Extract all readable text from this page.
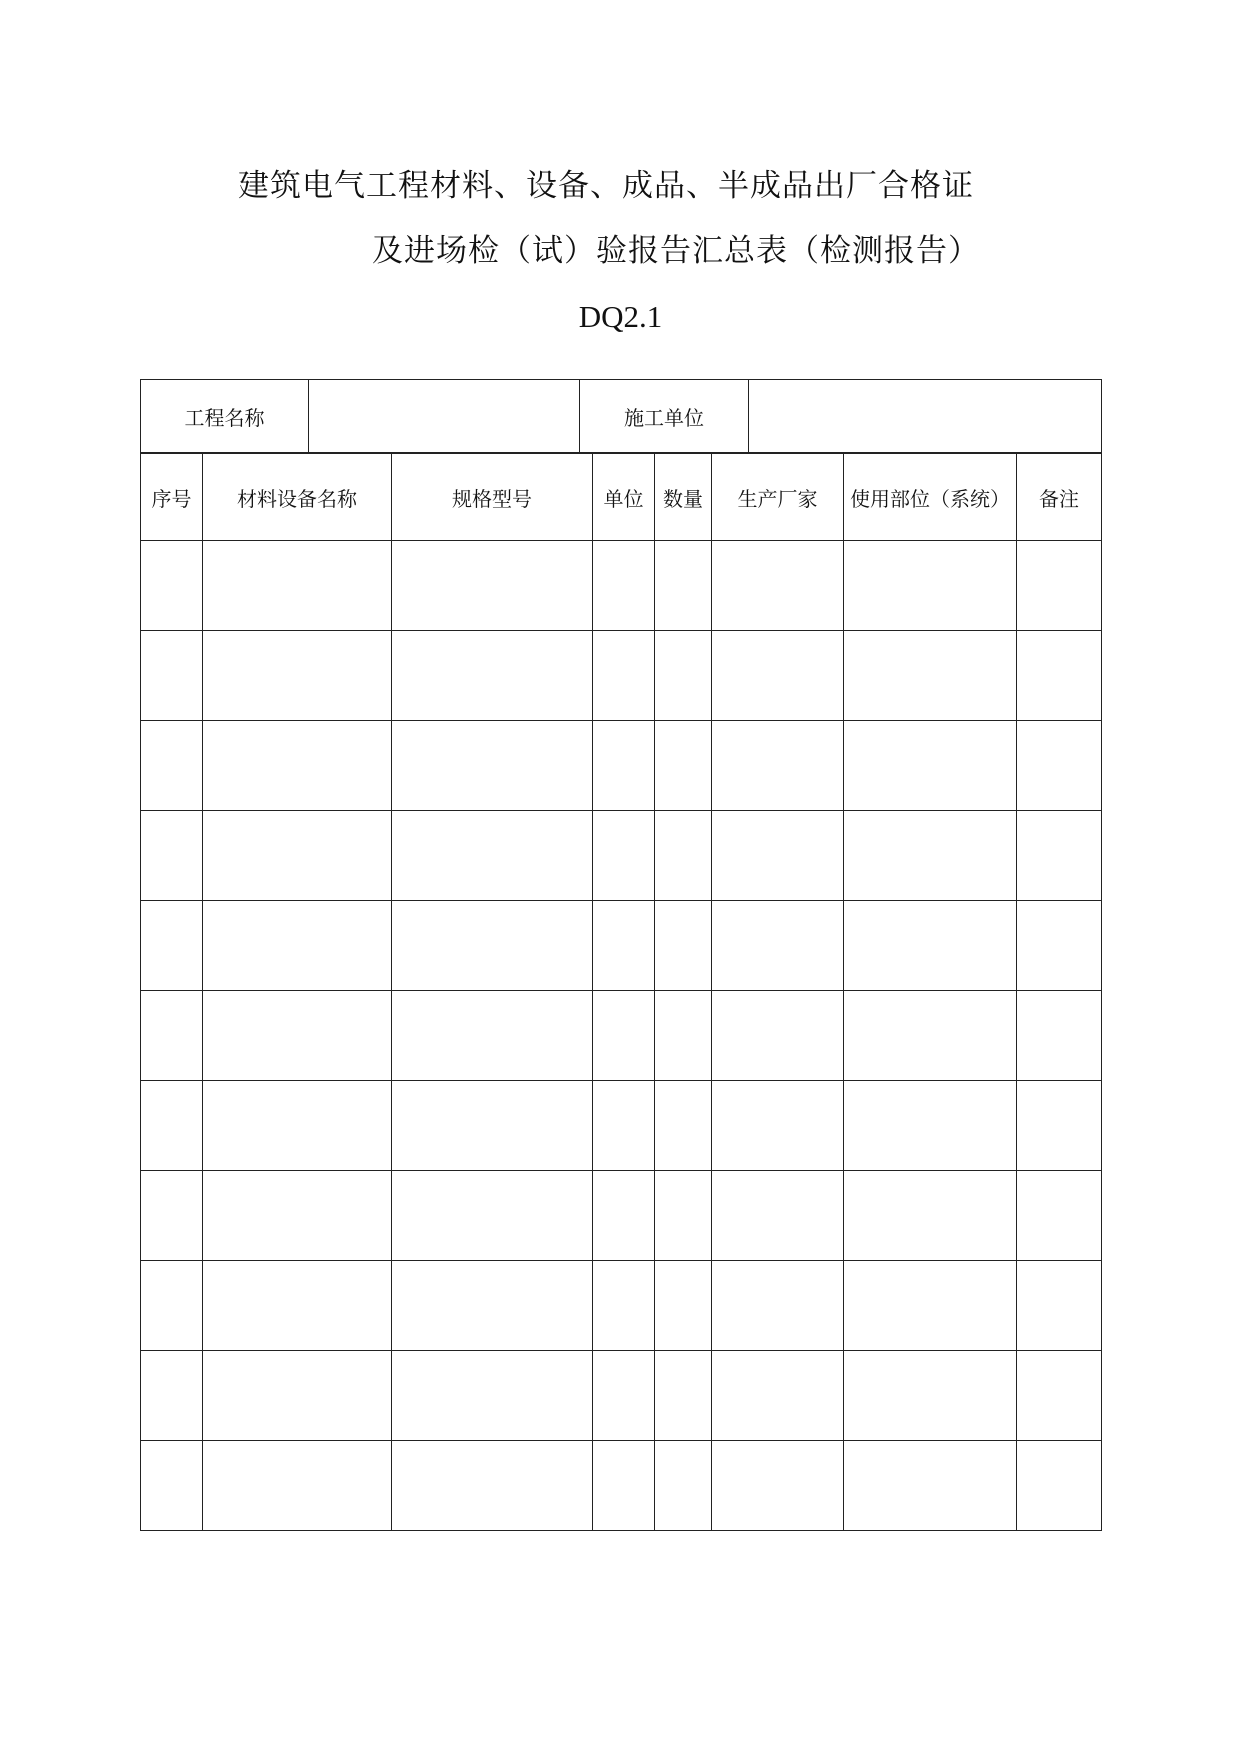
建筑电气工程材料、设备、成品、半成品出厂合格证
及进场检（试）验报告汇总表（检测报告）
DQ2.1
工程名称		施工单位	
序号	材料设备名称	规格型号	单位	数量	生产厂家	使用部位（系统）	备注
